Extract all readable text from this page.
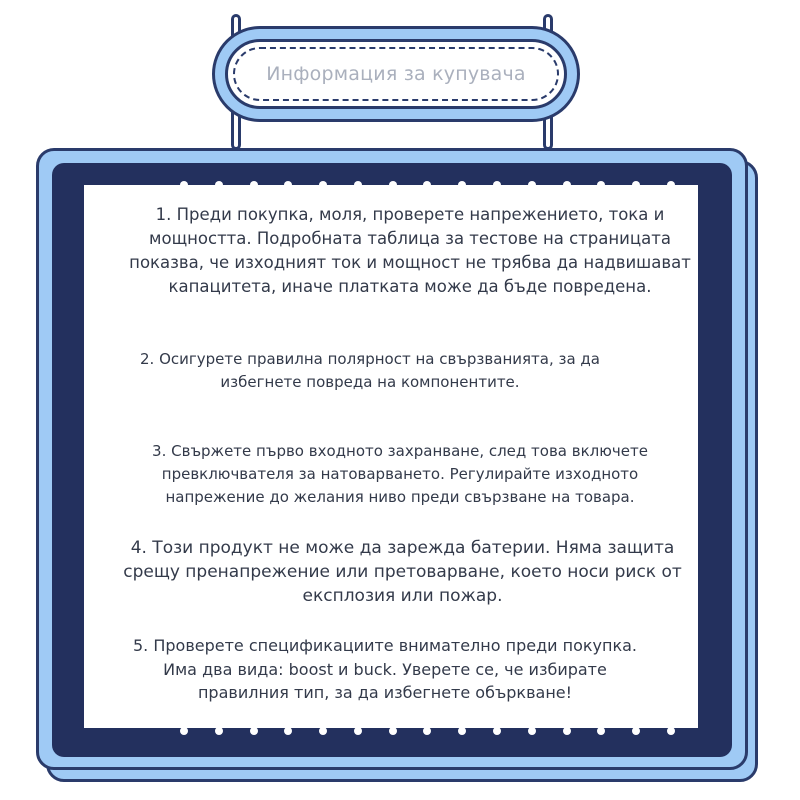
Информация за купувача

1. Преди покупка, моля, проверете напрежението, тока и мощността. Подробната таблица за тестове на страницата показва, че изходният ток и мощност не трябва да надвишават капацитета, иначе платката може да бъде повредена.

2. Осигурете правилна полярност на свързванията, за да избегнете повреда на компонентите.

3. Свържете първо входното захранване, след това включете превключвателя за натоварването. Регулирайте изходното напрежение до желания ниво преди свързване на товара.

4. Този продукт не може да зарежда батерии. Няма защита срещу пренапрежение или претоварване, което носи риск от експлозия или пожар.

5. Проверете спецификациите внимателно преди покупка. Има два вида: boost и buck. Уверете се, че избирате правилния тип, за да избегнете объркване!
